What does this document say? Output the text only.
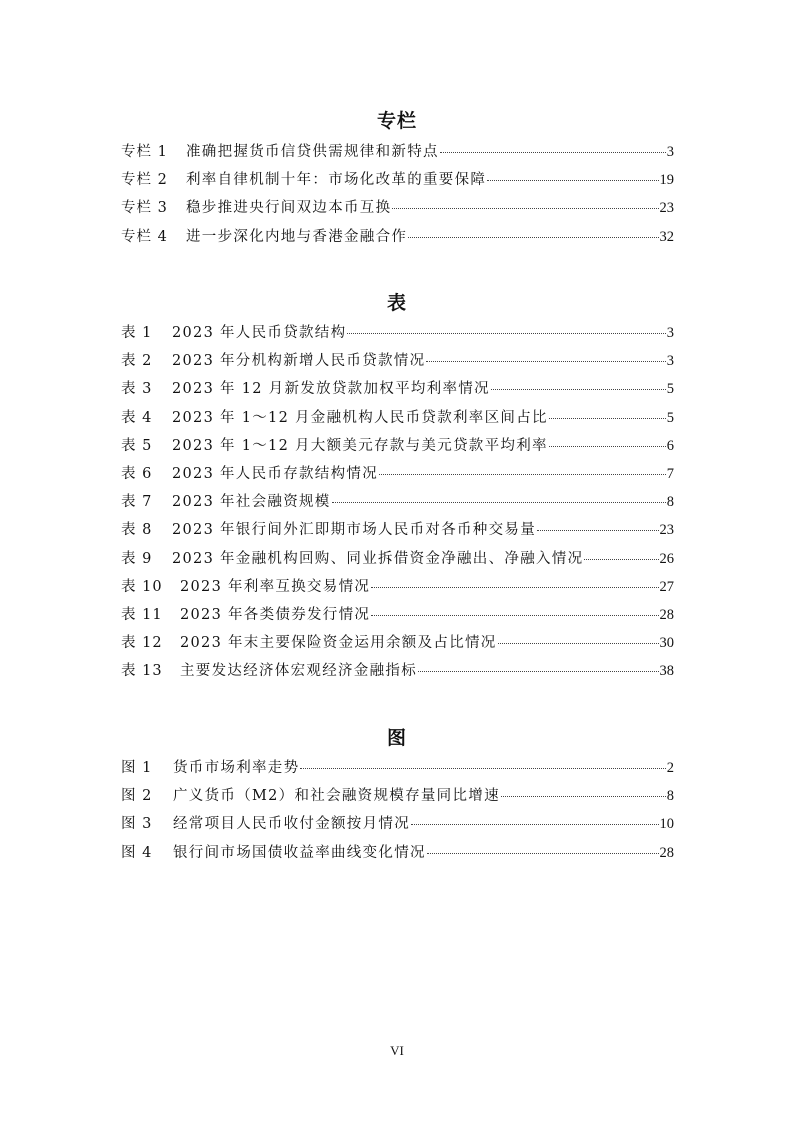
专栏
专栏 1	准确把握货币信贷供需规律和新特点	3
专栏 2	利率自律机制十年：市场化改革的重要保障	19
专栏 3	稳步推进央行间双边本币互换	23
专栏 4	进一步深化内地与香港金融合作	32
表
表 1	2023 年人民币贷款结构	3
表 2	2023 年分机构新增人民币贷款情况	3
表 3	2023 年 12 月新发放贷款加权平均利率情况	5
表 4	2023 年 1～12 月金融机构人民币贷款利率区间占比	5
表 5	2023 年 1～12 月大额美元存款与美元贷款平均利率	6
表 6	2023 年人民币存款结构情况	7
表 7	2023 年社会融资规模	8
表 8	2023 年银行间外汇即期市场人民币对各币种交易量	23
表 9	2023 年金融机构回购、同业拆借资金净融出、净融入情况	26
表 10	2023 年利率互换交易情况	27
表 11	2023 年各类债券发行情况	28
表 12	2023 年末主要保险资金运用余额及占比情况	30
表 13	主要发达经济体宏观经济金融指标	38
图
图 1	货币市场利率走势	2
图 2	广义货币（M2）和社会融资规模存量同比增速	8
图 3	经常项目人民币收付金额按月情况	10
图 4	银行间市场国债收益率曲线变化情况	28
VI
